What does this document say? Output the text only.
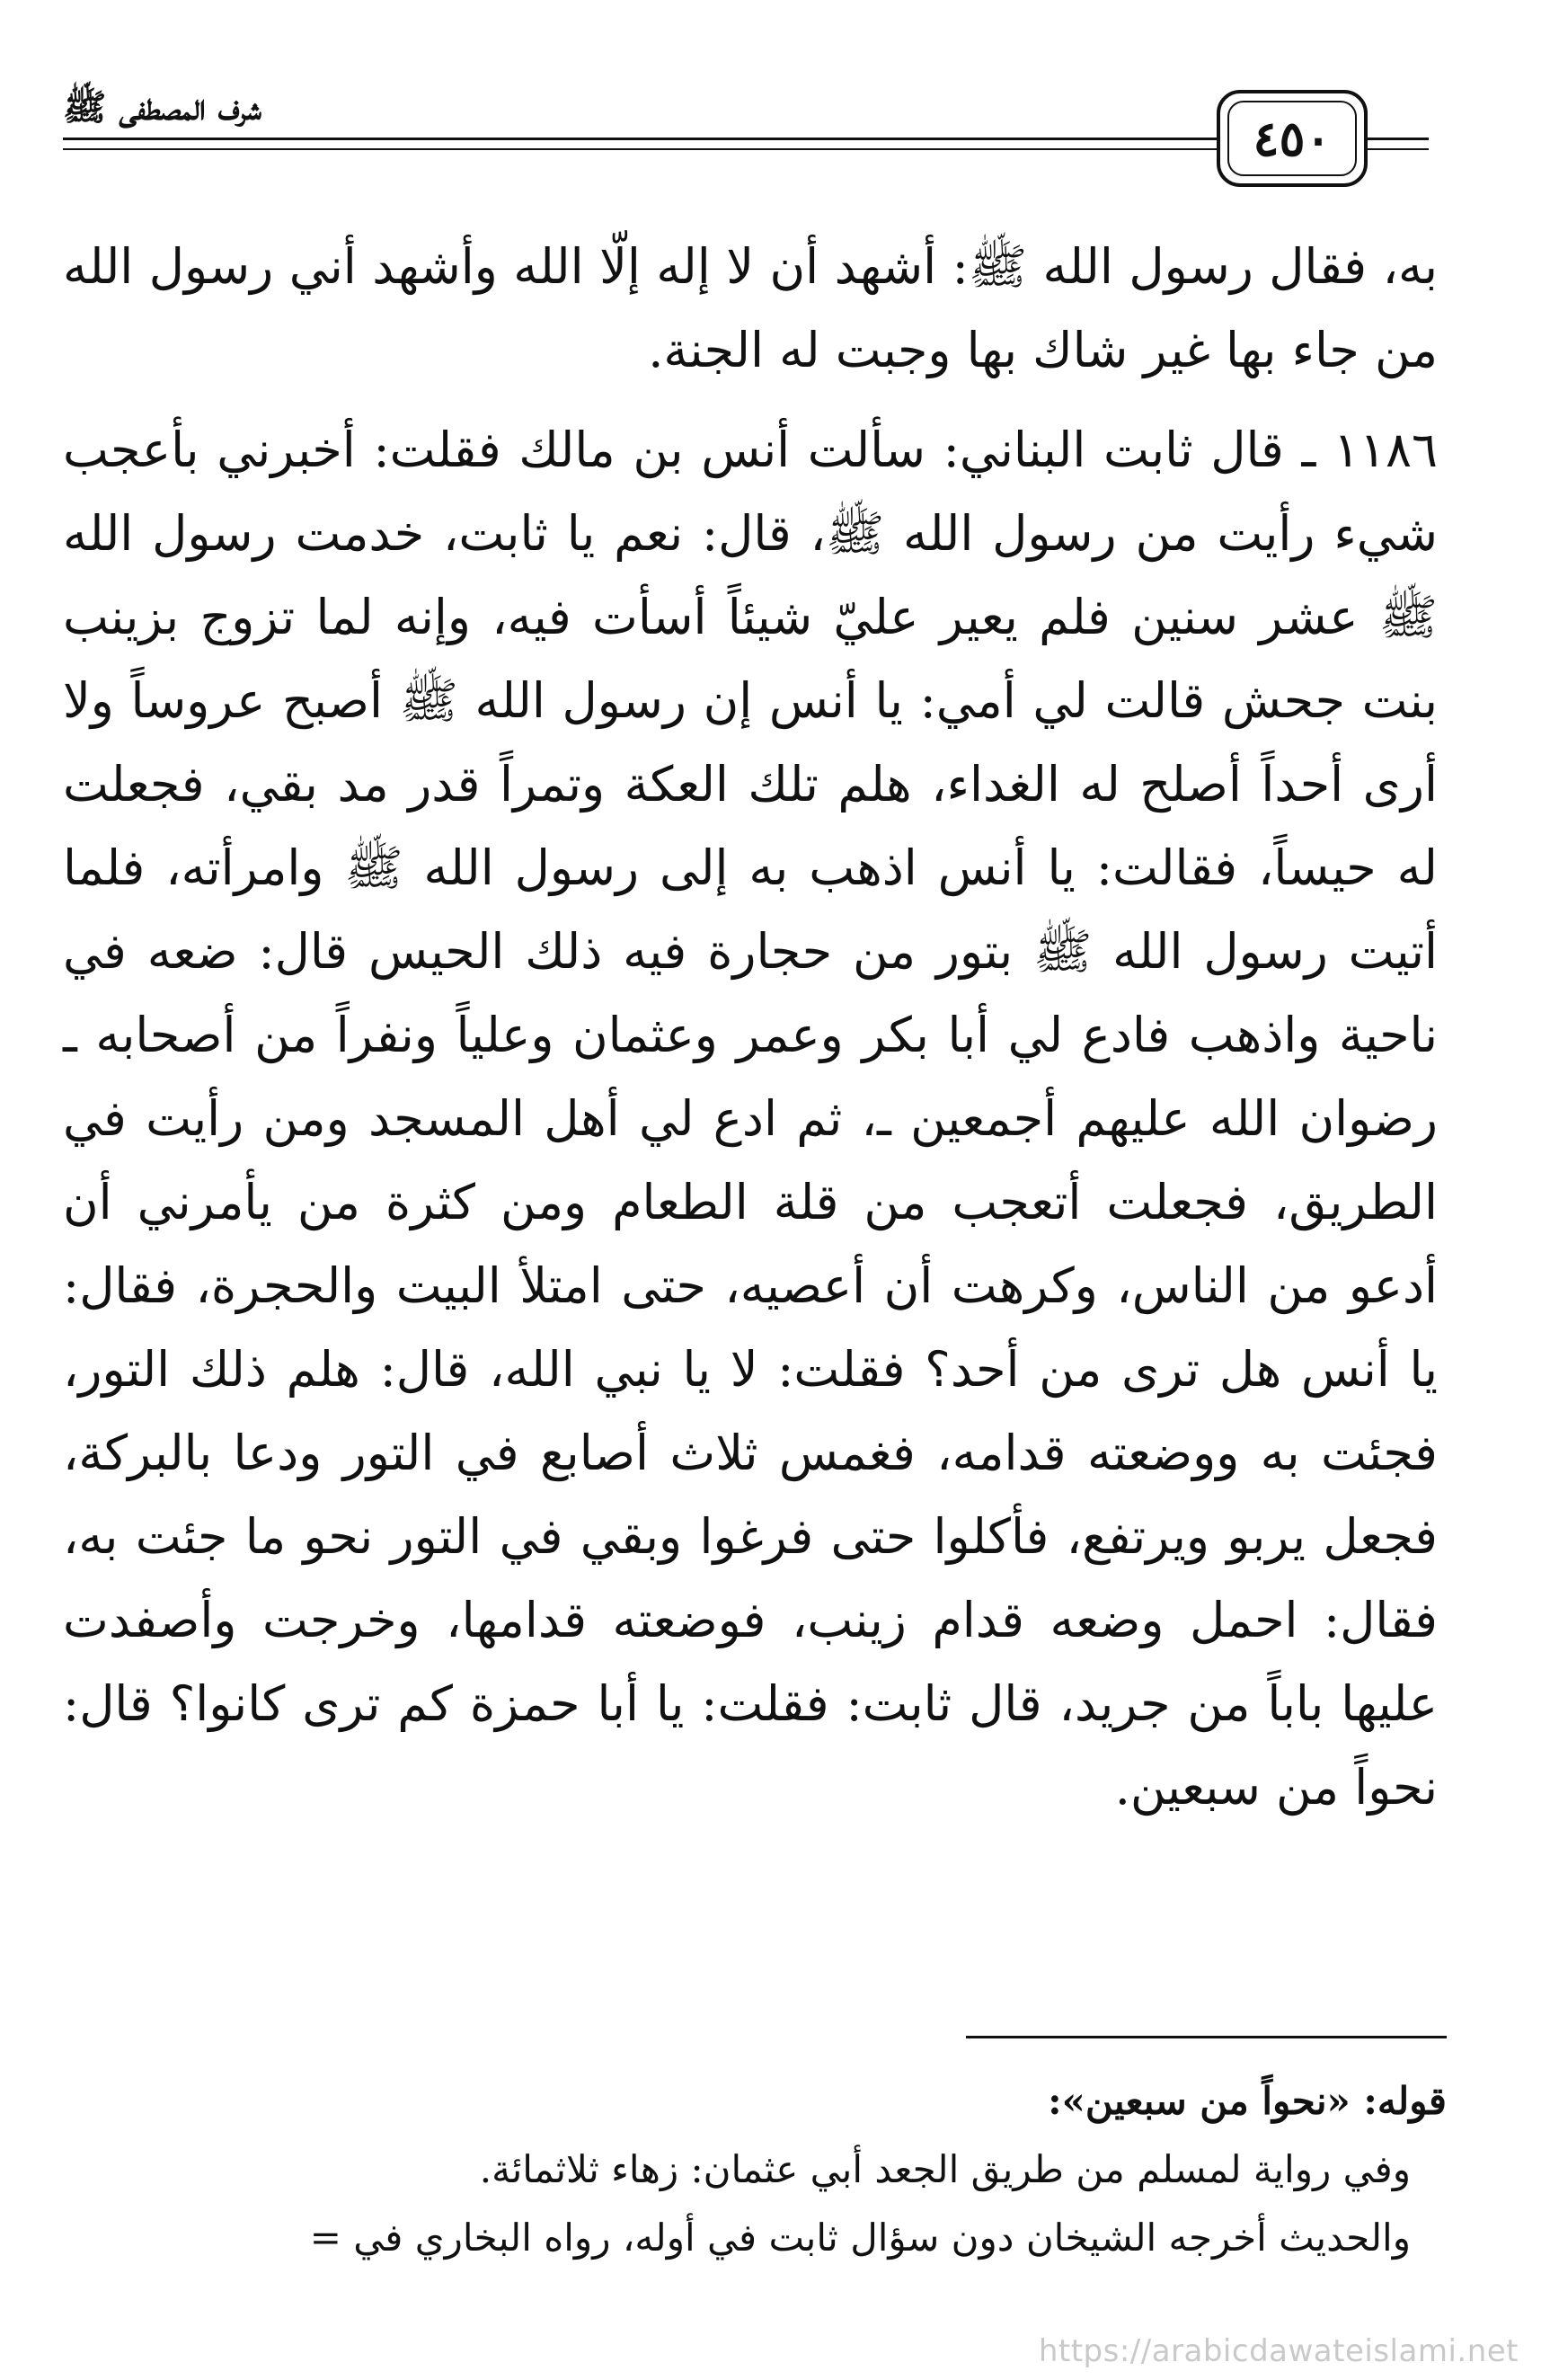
شرف المصطفى ﷺ
٤٥٠

به، فقال رسول الله ﷺ: أشهد أن لا إله إلّا الله وأشهد أني رسول الله من جاء بها غير شاك بها وجبت له الجنة.

١١٨٦ ـ قال ثابت البناني: سألت أنس بن مالك فقلت: أخبرني بأعجب شيء رأيت من رسول الله ﷺ، قال: نعم يا ثابت، خدمت رسول الله ﷺ عشر سنين فلم يعير عليّ شيئاً أسأت فيه، وإنه لما تزوج بزينب بنت جحش قالت لي أمي: يا أنس إن رسول الله ﷺ أصبح عروساً ولا أرى أحداً أصلح له الغداء، هلم تلك العكة وتمراً قدر مد بقي، فجعلت له حيساً، فقالت: يا أنس اذهب به إلى رسول الله ﷺ وامرأته، فلما أتيت رسول الله ﷺ بتور من حجارة فيه ذلك الحيس قال: ضعه في ناحية واذهب فادع لي أبا بكر وعمر وعثمان وعلياً ونفراً من أصحابه ـ رضوان الله عليهم أجمعين ـ، ثم ادع لي أهل المسجد ومن رأيت في الطريق، فجعلت أتعجب من قلة الطعام ومن كثرة من يأمرني أن أدعو من الناس، وكرهت أن أعصيه، حتى امتلأ البيت والحجرة، فقال: يا أنس هل ترى من أحد؟ فقلت: لا يا نبي الله، قال: هلم ذلك التور، فجئت به ووضعته قدامه، فغمس ثلاث أصابع في التور ودعا بالبركة، فجعل يربو ويرتفع، فأكلوا حتى فرغوا وبقي في التور نحو ما جئت به، فقال: احمل وضعه قدام زينب، فوضعته قدامها، وخرجت وأصفدت عليها باباً من جريد، قال ثابت: فقلت: يا أبا حمزة كم ترى كانوا؟ قال: نحواً من سبعين.

قوله: «نحواً من سبعين»:

وفي رواية لمسلم من طريق الجعد أبي عثمان: زهاء ثلاثمائة.

والحديث أخرجه الشيخان دون سؤال ثابت في أوله، رواه البخاري في =

https://arabicdawateislami.net
